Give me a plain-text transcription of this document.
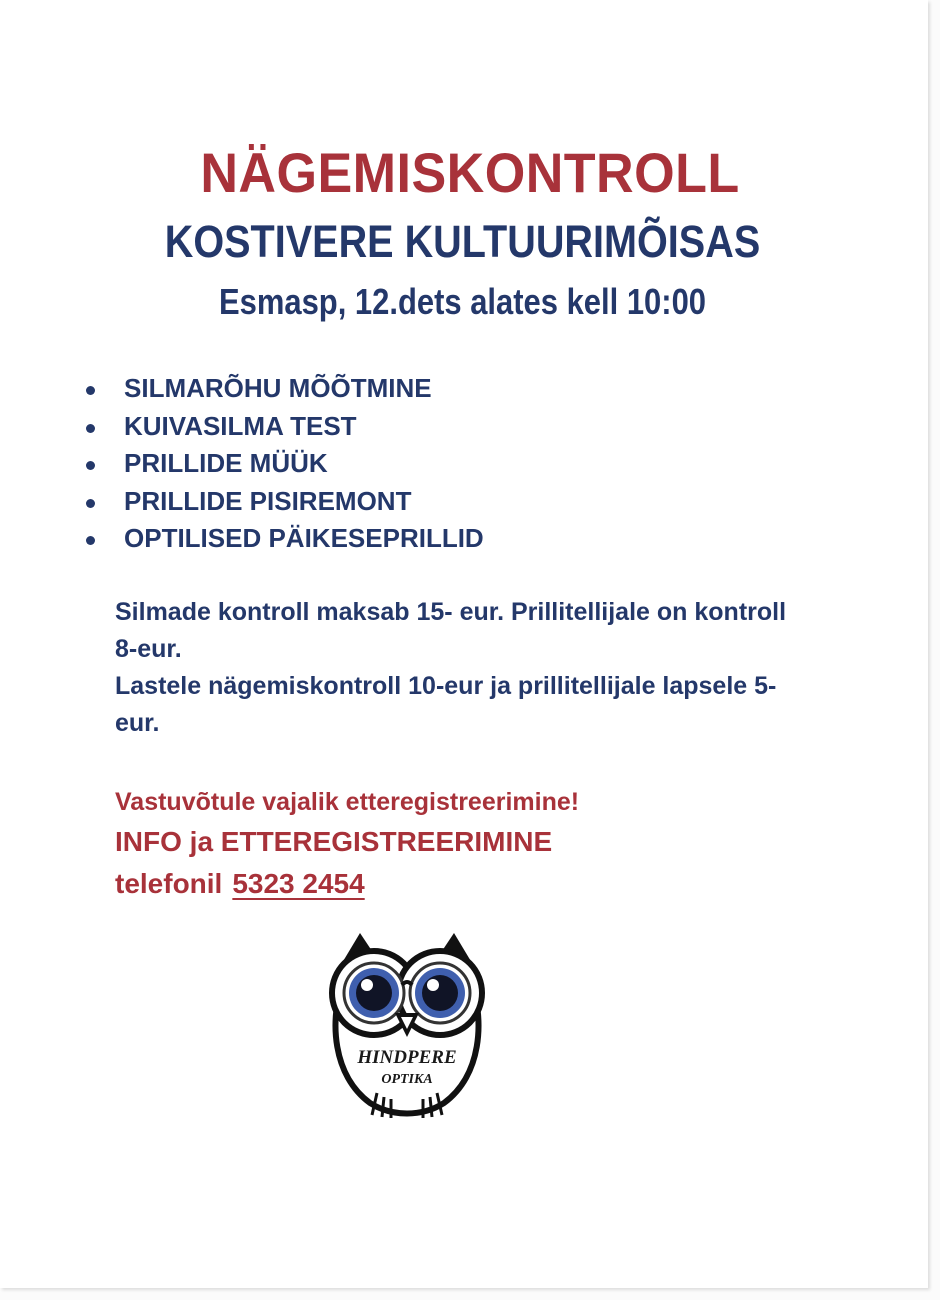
NÄGEMISKONTROLL
KOSTIVERE KULTUURIMÕISAS
Esmasp, 12.dets alates kell 10:00
SILMARÕHU MÕÕTMINE
KUIVASILMA TEST
PRILLIDE MÜÜK
PRILLIDE PISIREMONT
OPTILISED PÄIKESEPRILLID

Silmade kontroll maksab 15- eur. Prillitellijale on kontroll 8-eur.

Lastele nägemiskontroll 10-eur ja prillitellijale lapsele 5-eur.

Vastuvõtule vajalik etteregistreerimine!
INFO ja ETTEREGISTREERIMINE
telefonil 5323 2454
HINDPERE
OPTIKA
